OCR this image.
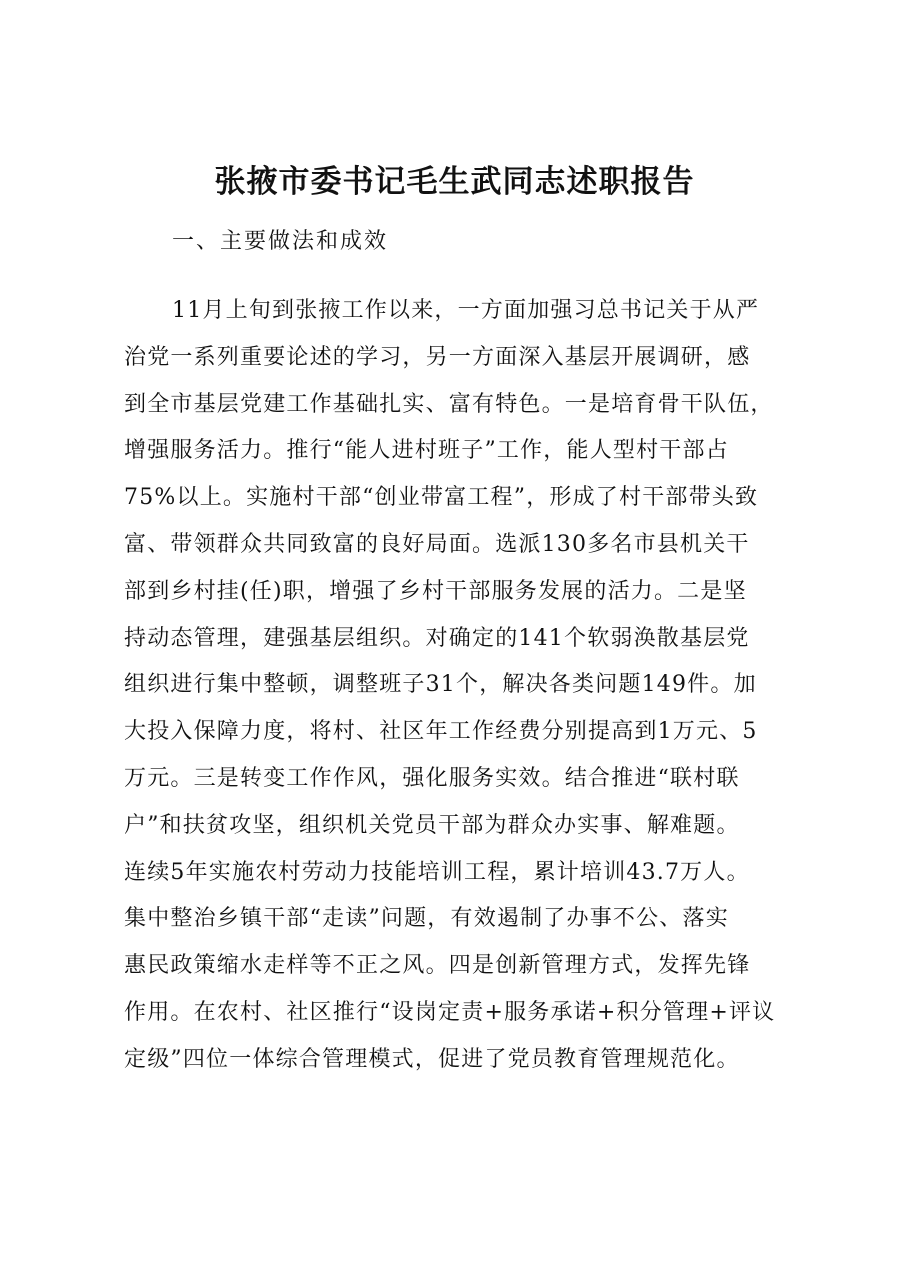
张掖市委书记毛生武同志述职报告

一、主要做法和成效

11月上旬到张掖工作以来，一方面加强习总书记关于从严
治党一系列重要论述的学习，另一方面深入基层开展调研，感
到全市基层党建工作基础扎实、富有特色。一是培育骨干队伍，
增强服务活力。推行“能人进村班子”工作，能人型村干部占
75%以上。实施村干部“创业带富工程”，形成了村干部带头致
富、带领群众共同致富的良好局面。选派130多名市县机关干
部到乡村挂(任)职，增强了乡村干部服务发展的活力。二是坚
持动态管理，建强基层组织。对确定的141个软弱涣散基层党
组织进行集中整顿，调整班子31个，解决各类问题149件。加
大投入保障力度，将村、社区年工作经费分别提高到1万元、5
万元。三是转变工作作风，强化服务实效。结合推进“联村联
户”和扶贫攻坚，组织机关党员干部为群众办实事、解难题。
连续5年实施农村劳动力技能培训工程，累计培训43.7万人。
集中整治乡镇干部“走读”问题，有效遏制了办事不公、落实
惠民政策缩水走样等不正之风。四是创新管理方式，发挥先锋
作用。在农村、社区推行“设岗定责+服务承诺+积分管理+评议
定级”四位一体综合管理模式，促进了党员教育管理规范化。
